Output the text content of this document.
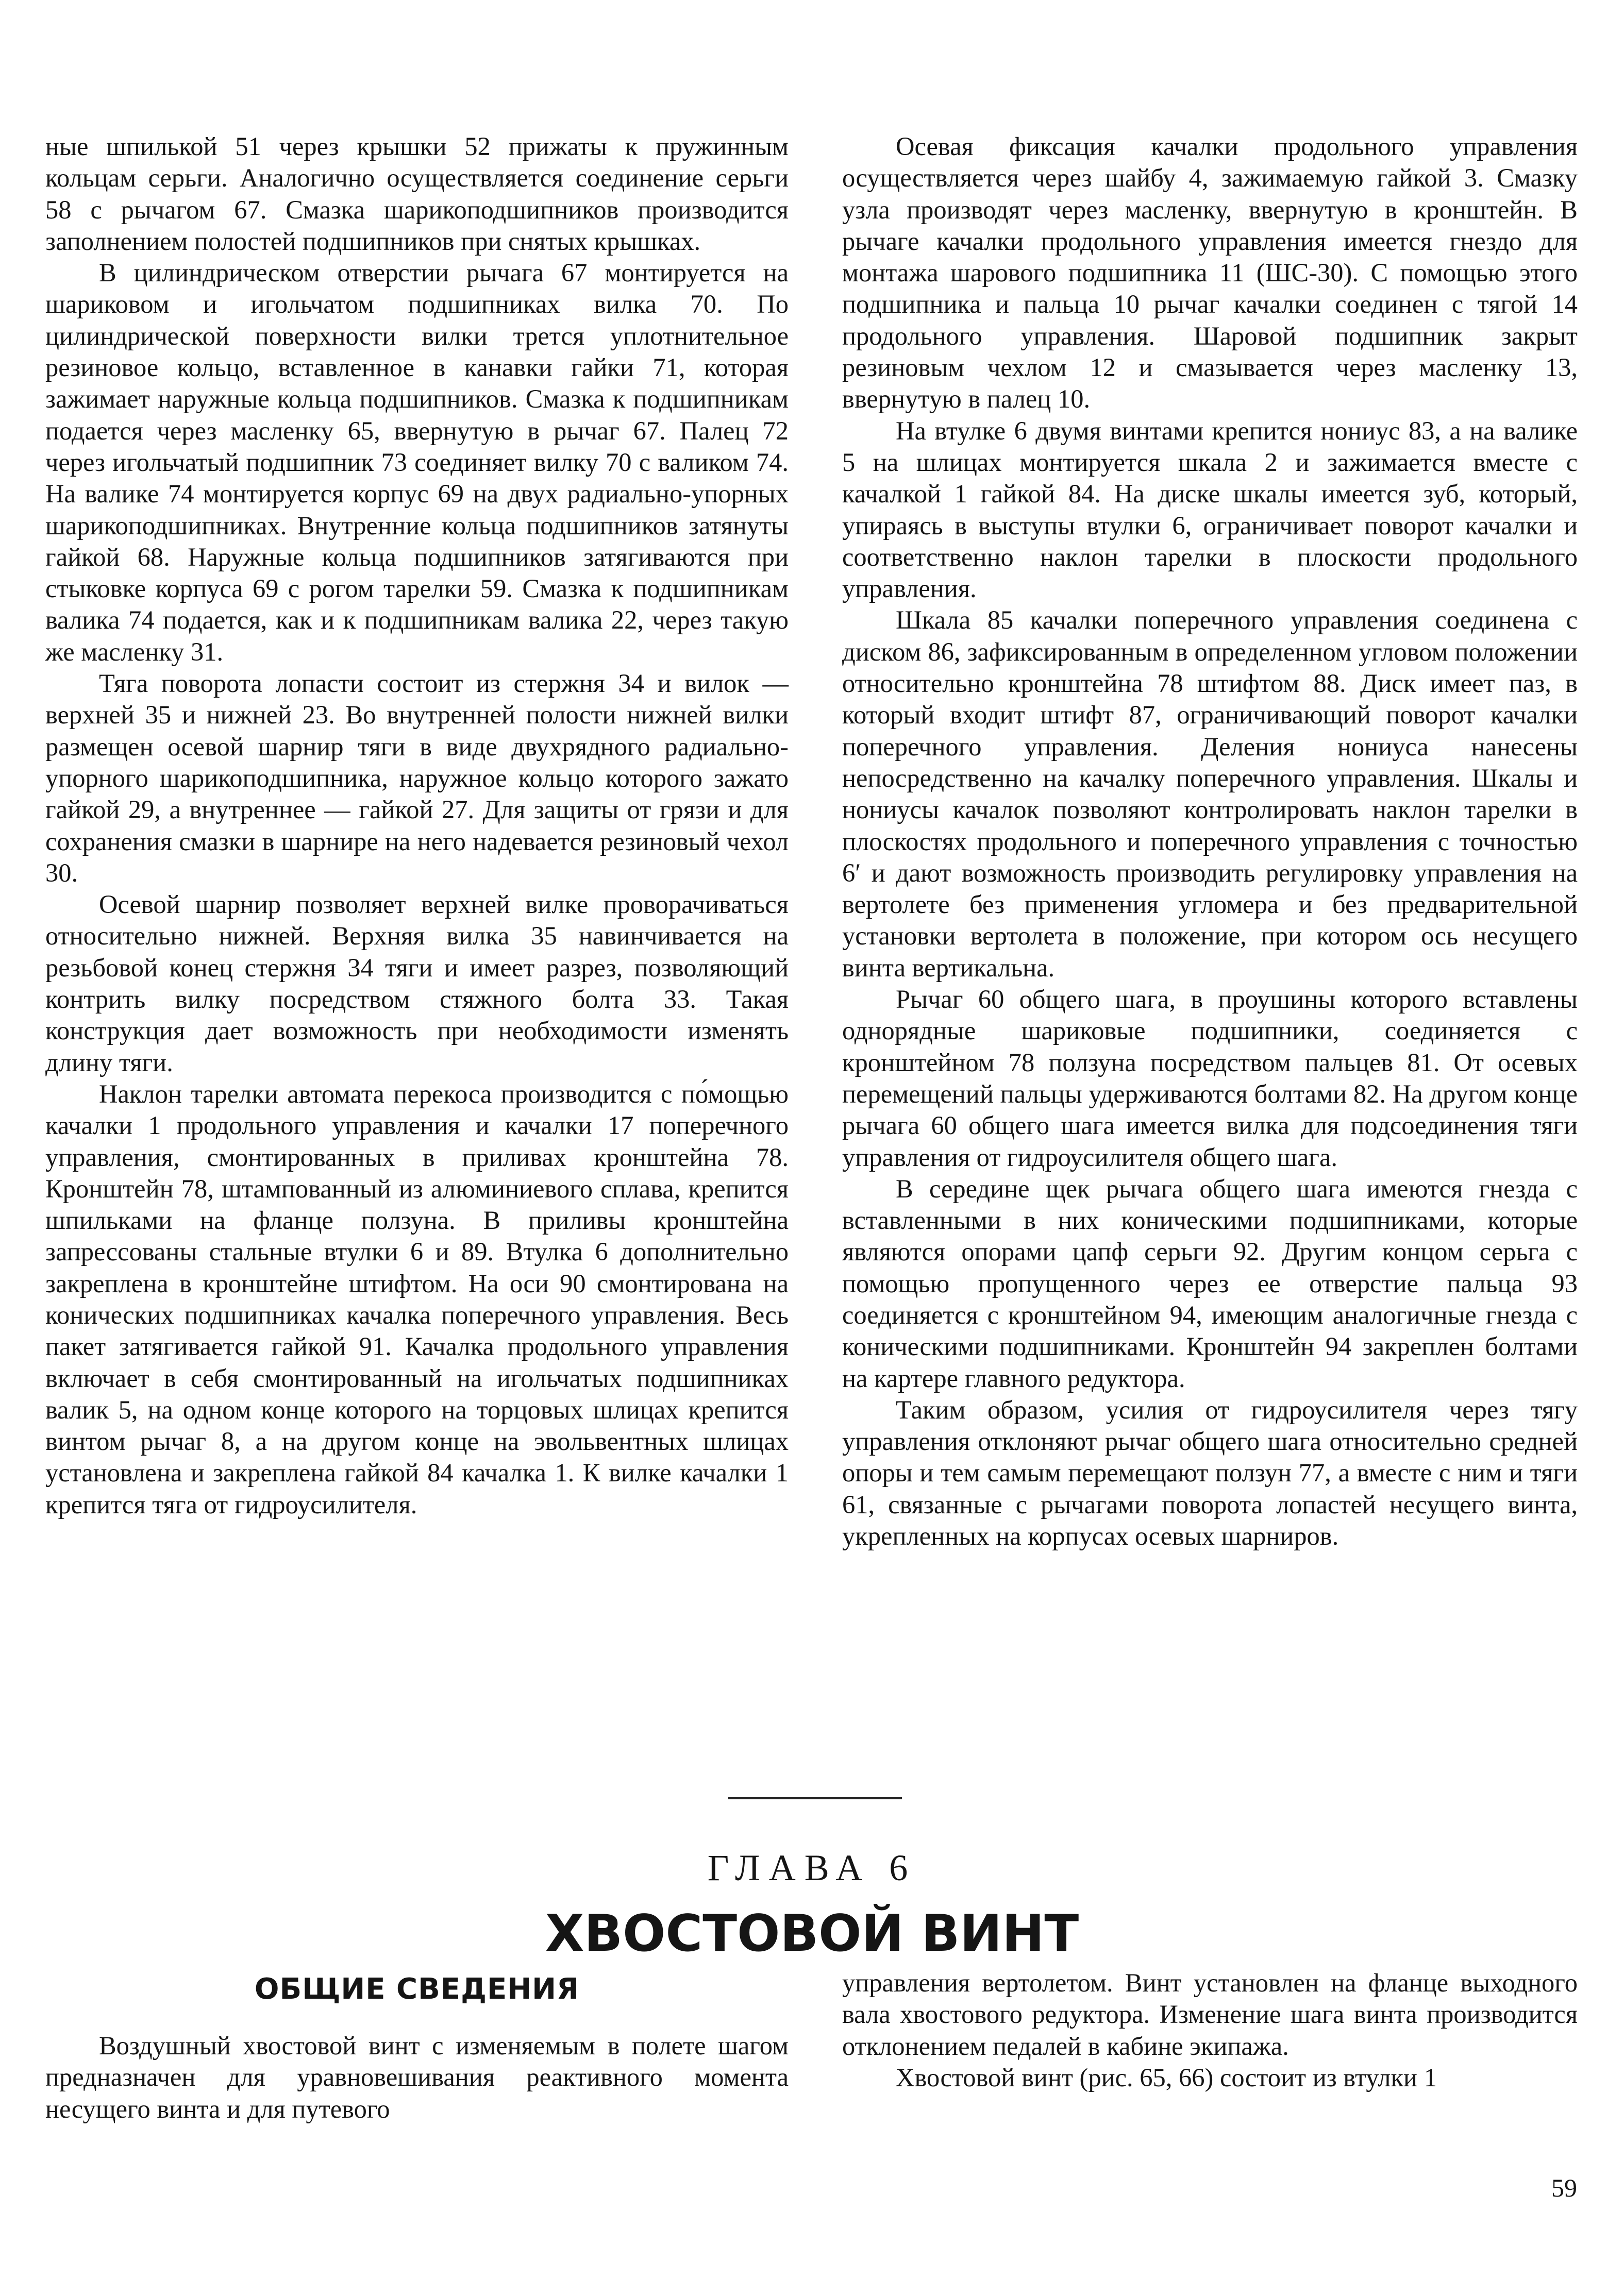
ные шпилькой 51 через крышки 52 прижаты к пружинным кольцам серьги. Аналогично осуществляется соединение серьги 58 с рычагом 67. Смазка шарикоподшипников производится заполнением полостей подшипников при снятых крышках.

В цилиндрическом отверстии рычага 67 монтируется на шариковом и игольчатом подшипниках вилка 70. По цилиндрической поверхности вилки трется уплотнительное резиновое кольцо, вставленное в канавки гайки 71, которая зажимает наружные кольца подшипников. Смазка к подшипникам подается через масленку 65, ввернутую в рычаг 67. Палец 72 через игольчатый подшипник 73 соединяет вилку 70 с валиком 74. На валике 74 монтируется корпус 69 на двух радиально-упорных шарикоподшипниках. Внутренние кольца подшипников затянуты гайкой 68. Наружные кольца подшипников затягиваются при стыковке корпуса 69 с рогом тарелки 59. Смазка к подшипникам валика 74 подается, как и к подшипникам валика 22, через такую же масленку 31.

Тяга поворота лопасти состоит из стержня 34 и вилок — верхней 35 и нижней 23. Во внутренней полости нижней вилки размещен осевой шарнир тяги в виде двухрядного радиально-упорного шарикоподшипника, наружное кольцо которого зажато гайкой 29, а внутреннее — гайкой 27. Для защиты от грязи и для сохранения смазки в шарнире на него надевается резиновый чехол 30.

Осевой шарнир позволяет верхней вилке проворачиваться относительно нижней. Верхняя вилка 35 навинчивается на резьбовой конец стержня 34 тяги и имеет разрез, позволяющий контрить вилку посредством стяжного болта 33. Такая конструкция дает возможность при необходимости изменять длину тяги.

Наклон тарелки автомата перекоса производится с по́мощью качалки 1 продольного управления и качалки 17 поперечного управления, смонтированных в приливах кронштейна 78. Кронштейн 78, штампованный из алюминиевого сплава, крепится шпильками на фланце ползуна. В приливы кронштейна запрессованы стальные втулки 6 и 89. Втулка 6 дополнительно закреплена в кронштейне штифтом. На оси 90 смонтирована на конических подшипниках качалка поперечного управления. Весь пакет затягивается гайкой 91. Качалка продольного управления включает в себя смонтированный на игольчатых подшипниках валик 5, на одном конце которого на торцовых шлицах крепится винтом рычаг 8, а на другом конце на эвольвентных шлицах установлена и закреплена гайкой 84 качалка 1. К вилке качалки 1 крепится тяга от гидроусилителя.

Осевая фиксация качалки продольного управления осуществляется через шайбу 4, зажимаемую гайкой 3. Смазку узла производят через масленку, ввернутую в кронштейн. В рычаге качалки продольного управления имеется гнездо для монтажа шарового подшипника 11 (ШС-30). С помощью этого подшипника и пальца 10 рычаг качалки соединен с тягой 14 продольного управления. Шаровой подшипник закрыт резиновым чехлом 12 и смазывается через масленку 13, ввернутую в палец 10.

На втулке 6 двумя винтами крепится нониус 83, а на валике 5 на шлицах монтируется шкала 2 и зажимается вместе с качалкой 1 гайкой 84. На диске шкалы имеется зуб, который, упираясь в выступы втулки 6, ограничивает поворот качалки и соответственно наклон тарелки в плоскости продольного управления.

Шкала 85 качалки поперечного управления соединена с диском 86, зафиксированным в определенном угловом положении относительно кронштейна 78 штифтом 88. Диск имеет паз, в который входит штифт 87, ограничивающий поворот качалки поперечного управления. Деления нониуса нанесены непосредственно на качалку поперечного управления. Шкалы и нониусы качалок позволяют контролировать наклон тарелки в плоскостях продольного и поперечного управления с точностью 6′ и дают возможность производить регулировку управления на вертолете без применения угломера и без предварительной установки вертолета в положение, при котором ось несущего винта вертикальна.

Рычаг 60 общего шага, в проушины которого вставлены однорядные шариковые подшипники, соединяется с кронштейном 78 ползуна посредством пальцев 81. От осевых перемещений пальцы удерживаются болтами 82. На другом конце рычага 60 общего шага имеется вилка для подсоединения тяги управления от гидроусилителя общего шага.

В середине щек рычага общего шага имеются гнезда с вставленными в них коническими подшипниками, которые являются опорами цапф серьги 92. Другим концом серьга с помощью пропущенного через ее отверстие пальца 93 соединяется с кронштейном 94, имеющим аналогичные гнезда с коническими подшипниками. Кронштейн 94 закреплен болтами на картере главного редуктора.

Таким образом, усилия от гидроусилителя через тягу управления отклоняют рычаг общего шага относительно средней опоры и тем самым перемещают ползун 77, а вместе с ним и тяги 61, связанные с рычагами поворота лопастей несущего винта, укрепленных на корпусах осевых шарниров.

ГЛАВА 6
ХВОСТОВОЙ ВИНТ
ОБЩИЕ СВЕДЕНИЯ

Воздушный хвостовой винт с изменяемым в полете шагом предназначен для уравновешивания реактивного момента несущего винта и для путевого

управления вертолетом. Винт установлен на фланце выходного вала хвостового редуктора. Изменение шага винта производится отклонением педалей в кабине экипажа.

Хвостовой винт (рис. 65, 66) состоит из втулки 1

59
